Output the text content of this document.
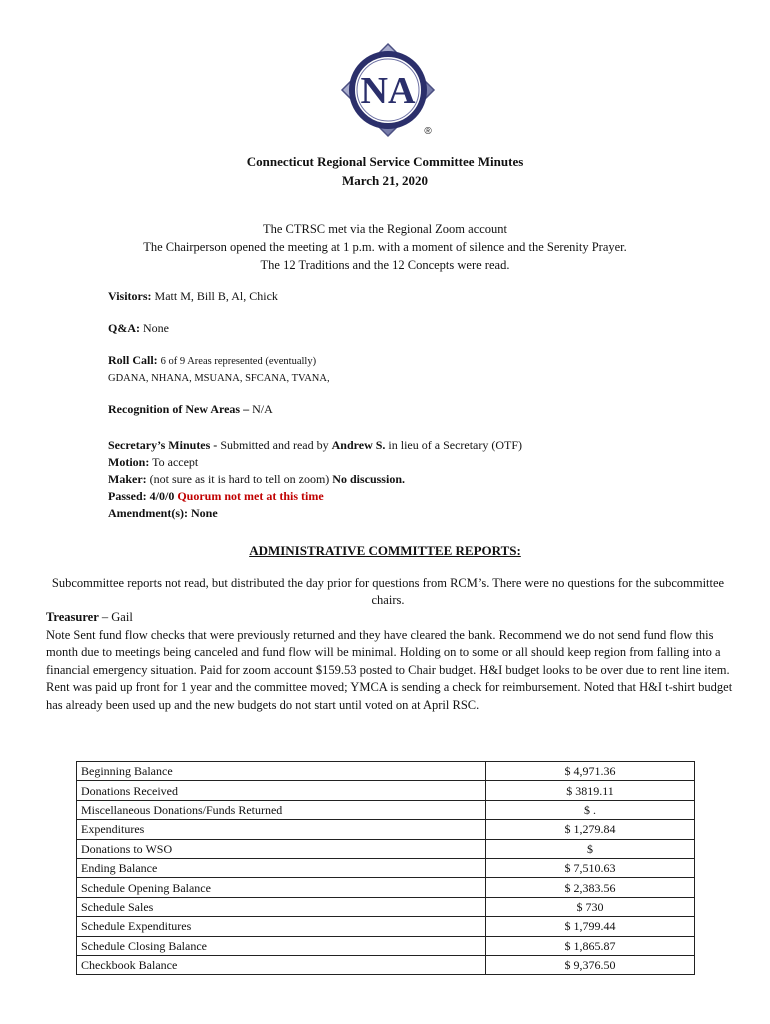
NA
®
Connecticut Regional Service Committee Minutes
March 21, 2020
The CTRSC met via the Regional Zoom account
The Chairperson opened the meeting at 1 p.m. with a moment of silence and the Serenity Prayer.
The 12 Traditions and the 12 Concepts were read.
Visitors: Matt M, Bill B, Al, Chick
Q&A: None
Roll Call: 6 of 9 Areas represented (eventually)
GDANA, NHANA, MSUANA, SFCANA, TVANA,
Recognition of New Areas – N/A
Secretary’s Minutes - Submitted and read by Andrew S. in lieu of a Secretary (OTF)
Motion: To accept
Maker: (not sure as it is hard to tell on zoom) No discussion.
Passed: 4/0/0 Quorum not met at this time
Amendment(s): None
ADMINISTRATIVE COMMITTEE REPORTS:
Subcommittee reports not read, but distributed the day prior for questions from RCM’s. There were no questions for the subcommittee chairs.
Treasurer – Gail
Note Sent fund flow checks that were previously returned and they have cleared the bank. Recommend we do not send fund flow this month due to meetings being canceled and fund flow will be minimal. Holding on to some or all should keep region from falling into a financial emergency situation. Paid for zoom account $159.53 posted to Chair budget. H&I budget looks to be over due to rent line item. Rent was paid up front for 1 year and the committee moved; YMCA is sending a check for reimbursement. Noted that H&I t-shirt budget has already been used up and the new budgets do not start until voted on at April RSC.
Beginning Balance	$ 4,971.36
Donations Received	$ 3819.11
Miscellaneous Donations/Funds Returned	$ .
Expenditures	$ 1,279.84
Donations to WSO	$
Ending Balance	$ 7,510.63
Schedule Opening Balance	$ 2,383.56
Schedule Sales	$ 730
Schedule Expenditures	$ 1,799.44
Schedule Closing Balance	$ 1,865.87
Checkbook Balance	$ 9,376.50
